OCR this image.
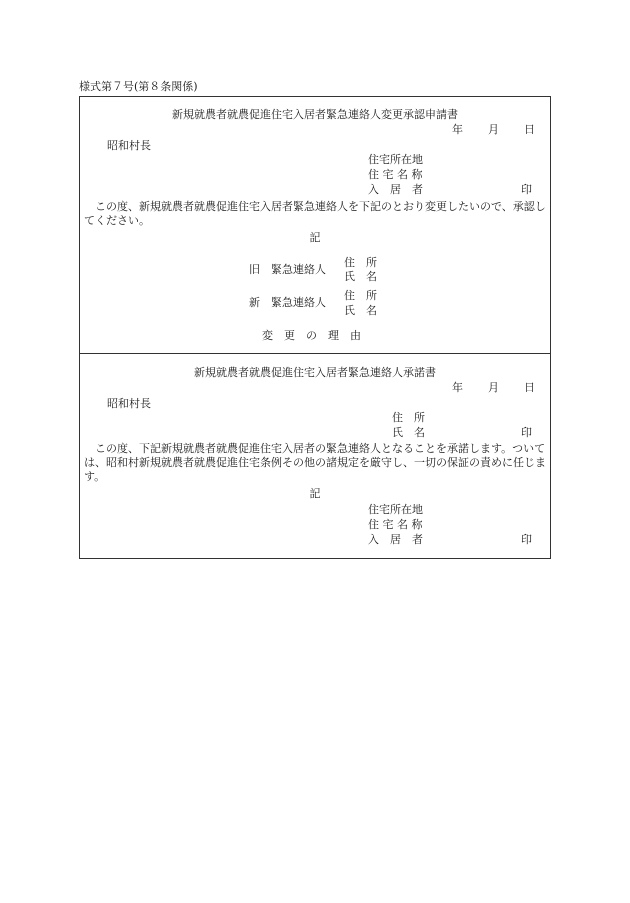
様式第７号(第８条関係)
新規就農者就農促進住宅入居者緊急連絡人変更承認申請書
年 月 日
昭和村長
住宅所在地
住 宅 名 称
入　居　者	印
この度、新規就農者就農促進住宅入居者緊急連絡人を下記のとおり変更したいので、承認してください。
記
旧　緊急連絡人
住　所
氏　名
新　緊急連絡人
住　所
氏　名
変　更　の　理　由
新規就農者就農促進住宅入居者緊急連絡人承諾書
年 月 日
昭和村長
住　所
氏　名	印
この度、下記新規就農者就農促進住宅入居者の緊急連絡人となることを承諾します。ついては、昭和村新規就農者就農促進住宅条例その他の諸規定を厳守し、一切の保証の責めに任じます。
記
住宅所在地
住 宅 名 称
入　居　者	印
